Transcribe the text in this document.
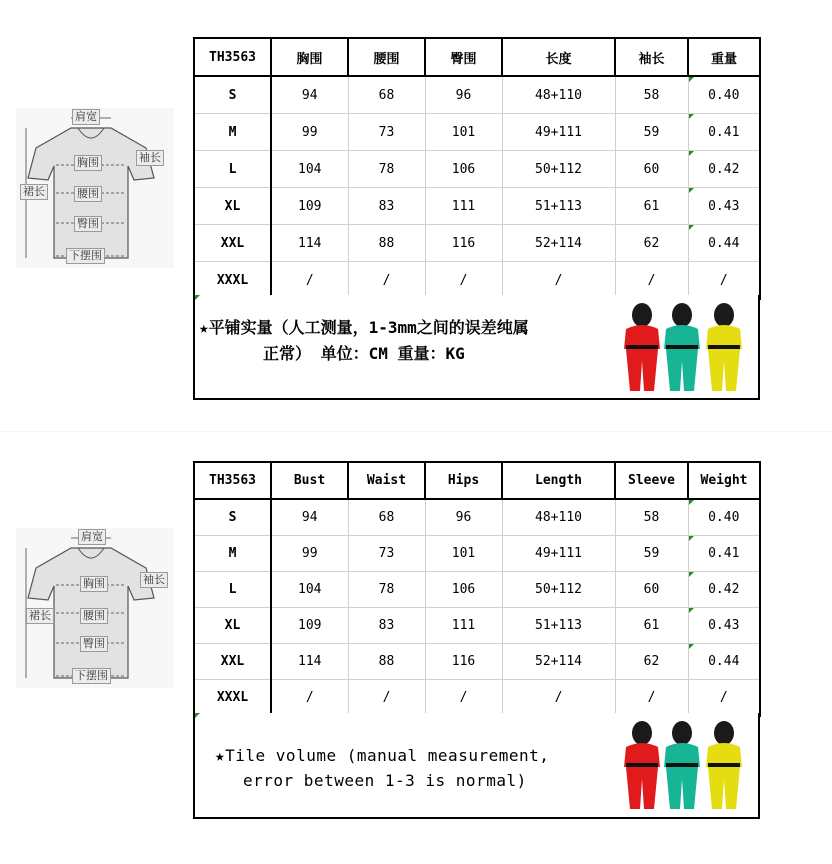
肩宽
袖长
胸围
裙长	腰围
臀围
下摆围
TH3563	胸围	腰围	臀围	长度	袖长	重量
S	94	68	96	48+110	58	0.40
M	99	73	101	49+111	59	0.41
L	104	78	106	50+112	60	0.42
XL	109	83	111	51+113	61	0.43
XXL	114	88	116	52+114	62	0.44
XXXL	/	/	/	/	/	/
★平铺实量（人工测量，1-3mm之间的误差纯属
正常） 单位：CM 重量：KG
肩宽
袖长
胸围
裙长	腰围
臀围
下摆围
TH3563	Bust	Waist	Hips	Length	Sleeve	Weight
S	94	68	96	48+110	58	0.40
M	99	73	101	49+111	59	0.41
L	104	78	106	50+112	60	0.42
XL	109	83	111	51+113	61	0.43
XXL	114	88	116	52+114	62	0.44
XXXL	/	/	/	/	/	/
★Tile volume (manual measurement,
error between 1-3 is normal)
